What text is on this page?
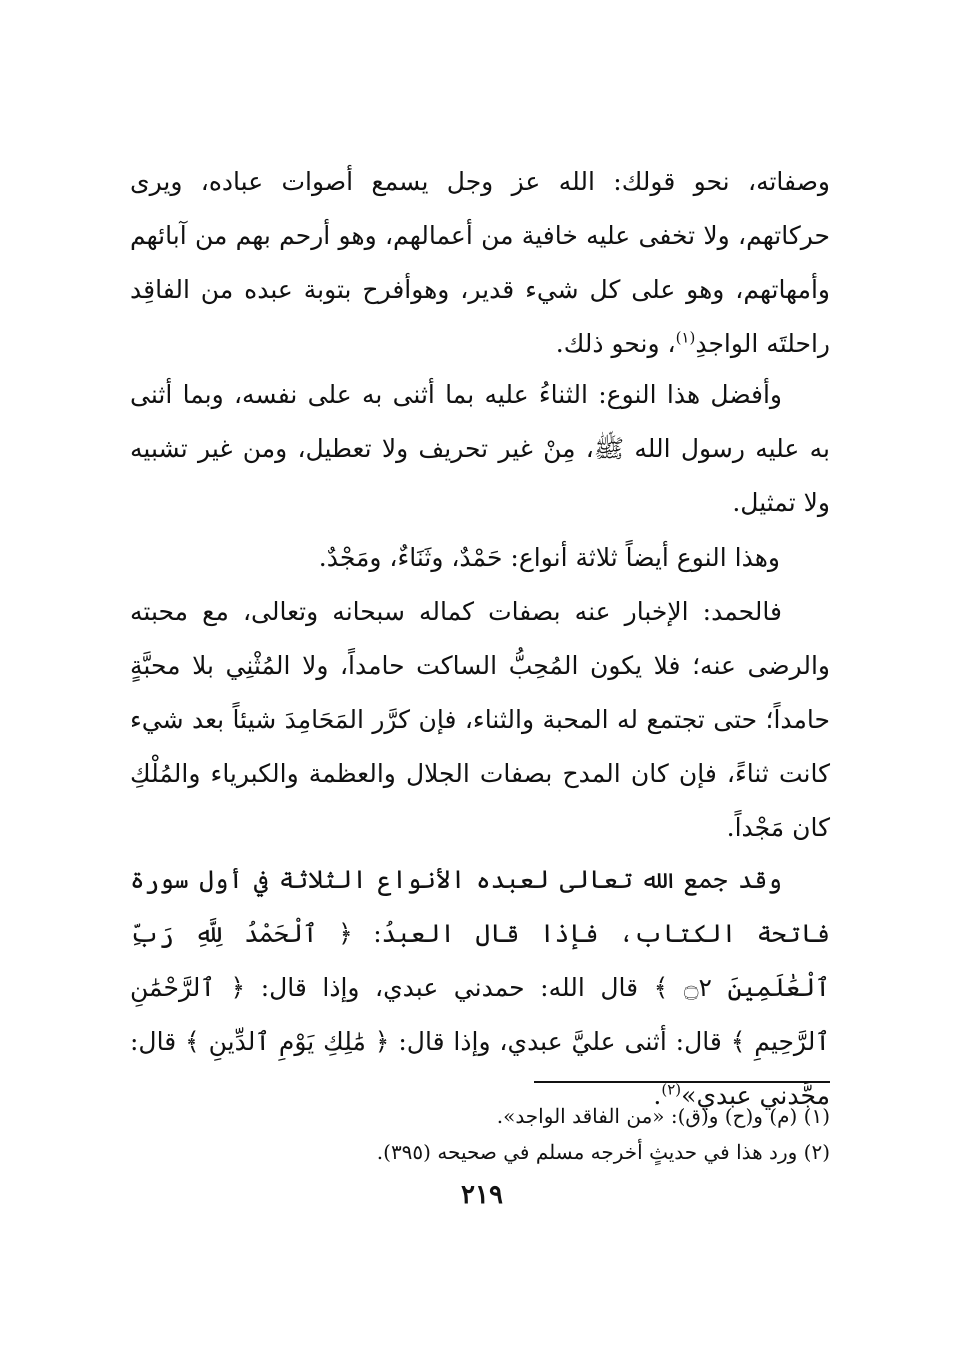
وصفاته، نحو قولك: الله عز وجل يسمع أصوات عباده، ويرى حركاتهم، ولا تخفى عليه خافية من أعمالهم، وهو أرحم بهم من آبائهم وأمهاتهم، وهو على كل شيء قدير، وهوأفرح بتوبة عبده من الفاقِد راحلتَه الواجدِ$^{(١)}$، ونحو ذلك.
وأفضل هذا النوع: الثناءُ عليه بما أثنى به على نفسه، وبما أثنى به عليه رسول الله ﷺ، مِنْ غير تحريف ولا تعطيل، ومن غير تشبيه ولا تمثيل.
وهذا النوع أيضاً ثلاثة أنواع: حَمْدٌ، وثَنَاءٌ، ومَجْدٌ.
فالحمد: الإخبار عنه بصفات كماله سبحانه وتعالى، مع محبته والرضى عنه؛ فلا يكون المُحِبُّ الساكت حامداً، ولا المُثْنِي بلا محبَّةٍ حامداً؛ حتى تجتمع له المحبة والثناء، فإن كرَّر المَحَامِدَ شيئاً بعد شيء كانت ثناءً، فإن كان المدح بصفات الجلال والعظمة والكبرياء والمُلْكِ كان مَجْداً.
وقد جمع الله تعالى لعبده الأنواع الثلاثة في أول سورة فاتحة الكتاب، فإذا قال العبدُ: ﴿ ٱلْحَمْدُ لِلَّهِ رَبِّ ٱلْعَٰلَمِينَ ۝٢ ﴾ قال الله: حمدني عبدي، وإذا قال: ﴿ ٱلرَّحْمَٰنِ ٱلرَّحِيمِ ﴾ قال: أثنى عليَّ عبدي، وإذا قال: ﴿ مَٰلِكِ يَوْمِ ٱلدِّينِ ﴾ قال: مجَّدني عبدي»$^{(٢)}$.
(١) (م) و(ح) و(ق): «من الفاقد الواجد».
(٢) ورد هذا في حديثٍ أخرجه مسلم في صحيحه (٣٩٥).
٢١٩
